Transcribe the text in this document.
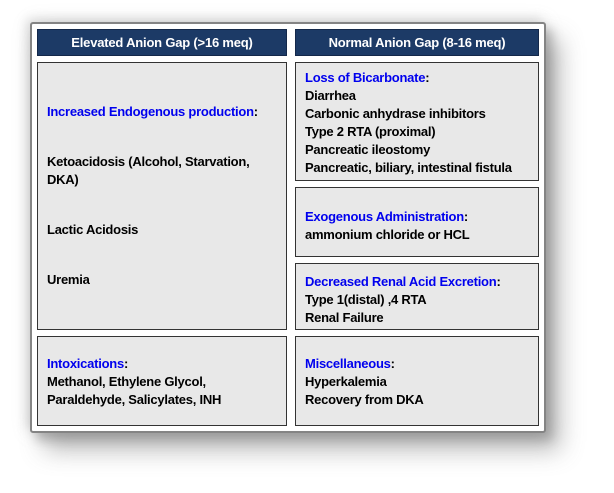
Elevated Anion Gap (>16 meq)
Increased Endogenous production:
Ketoacidosis (Alcohol, Starvation, DKA)
Lactic Acidosis
Uremia
Intoxications:
Methanol, Ethylene Glycol,
Paraldehyde, Salicylates, INH
Normal Anion Gap (8-16 meq)
Loss of Bicarbonate:
Diarrhea
Carbonic anhydrase inhibitors
Type 2 RTA (proximal)
Pancreatic ileostomy
Pancreatic, biliary, intestinal fistula
Exogenous Administration:
ammonium chloride or HCL
Decreased Renal Acid Excretion:
Type 1(distal) ,4 RTA
Renal Failure
Miscellaneous:
Hyperkalemia
Recovery from DKA
